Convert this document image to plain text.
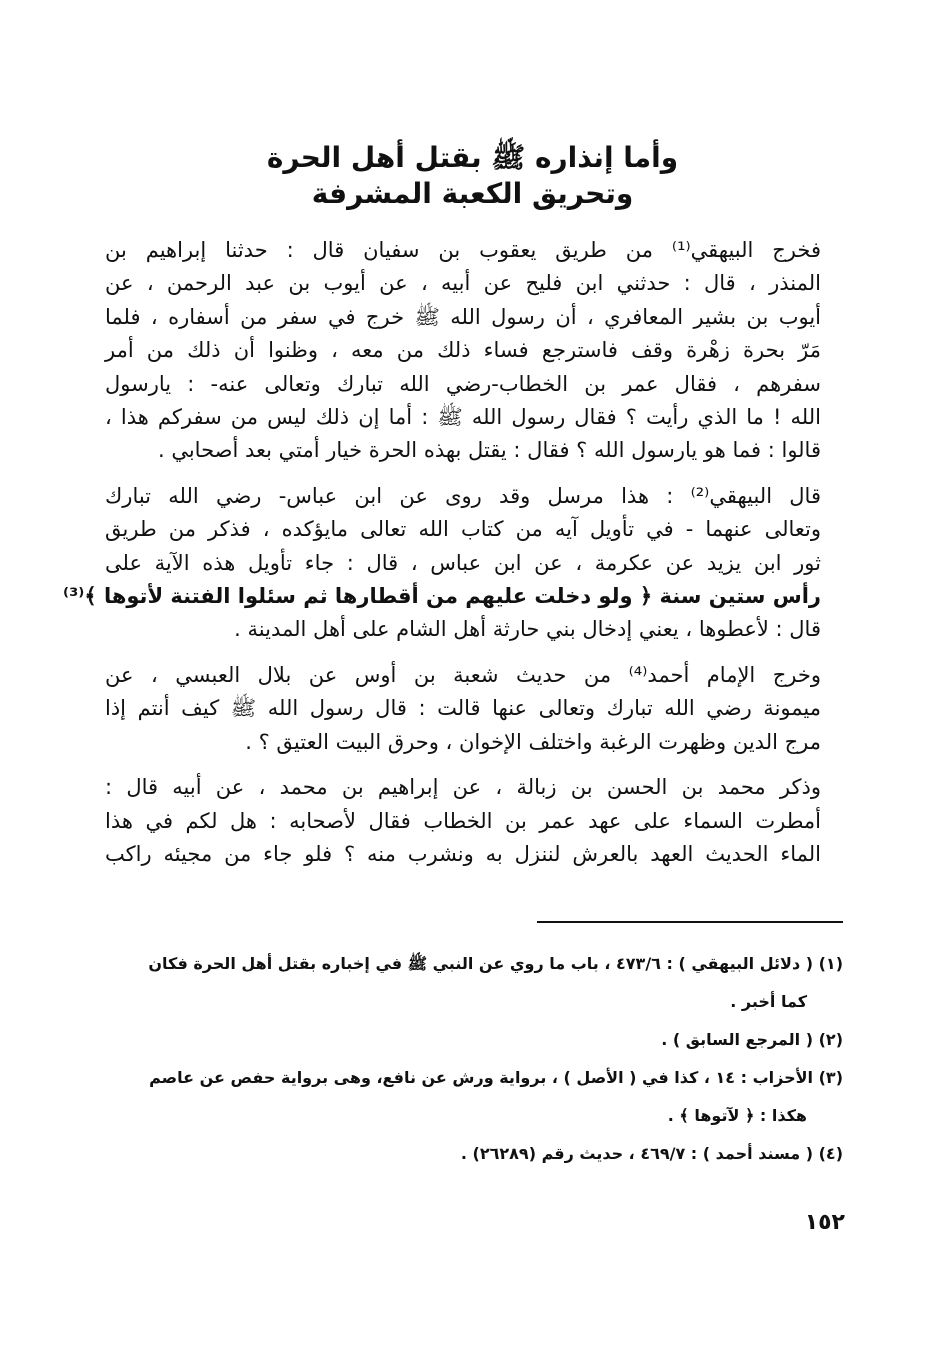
وأما إنذاره ﷺ بقتل أهل الحرة
وتحريق الكعبة المشرفة
فخرج البيهقي⁽¹⁾ من طريق يعقوب بن سفيان قال : حدثنا إبراهيم بن
المنذر ، قال : حدثني ابن فليح عن أبيه ، عن أيوب بن عبد الرحمن ، عن
أيوب بن بشير المعافري ، أن رسول الله ﷺ خرج في سفر من أسفاره ، فلما
مَرّ بحرة زهْرة وقف فاسترجع فساء ذلك من معه ، وظنوا أن ذلك من أمر
سفرهم ، فقال عمر بن الخطاب-رضي الله تبارك وتعالى عنه- : يارسول
الله ! ما الذي رأيت ؟ فقال رسول الله ﷺ : أما إن ذلك ليس من سفركم هذا ،
قالوا : فما هو يارسول الله ؟ فقال : يقتل بهذه الحرة خيار أمتي بعد أصحابي .
قال البيهقي⁽²⁾ : هذا مرسل وقد روى عن ابن عباس- رضي الله تبارك
وتعالى عنهما - في تأويل آيه من كتاب الله تعالى مايؤكده ، فذكر من طريق
ثور ابن يزيد عن عكرمة ، عن ابن عباس ، قال : جاء تأويل هذه الآية على
رأس ستين سنة ﴿ ولو دخلت عليهم من أقطارها ثم سئلوا الفتنة لأتوها ﴾⁽³⁾
قال : لأعطوها ، يعني إدخال بني حارثة أهل الشام على أهل المدينة .
وخرج الإمام أحمد⁽⁴⁾ من حديث شعبة بن أوس عن بلال العبسي ، عن
ميمونة رضي الله تبارك وتعالى عنها قالت : قال رسول الله ﷺ كيف أنتم إذا
مرج الدين وظهرت الرغبة واختلف الإخوان ، وحرق البيت العتيق ؟ .
وذكر محمد بن الحسن بن زبالة ، عن إبراهيم بن محمد ، عن أبيه قال :
أمطرت السماء على عهد عمر بن الخطاب فقال لأصحابه : هل لكم في هذا
الماء الحديث العهد بالعرش لننزل به ونشرب منه ؟ فلو جاء من مجيئه راكب
(١) ( دلائل البيهقي ) : ٤٧٣/٦ ، باب ما روي عن النبي ﷺ في إخباره بقتل أهل الحرة فكان
كما أخبر .
(٢) ( المرجع السابق ) .
(٣) الأحزاب : ١٤ ، كذا في ( الأصل ) ، برواية ورش عن نافع، وهى برواية حفص عن عاصم
هكذا : ﴿ لآتوها ﴾ .
(٤) ( مسند أحمد ) : ٤٦٩/٧ ، حديث رقم (٢٦٢٨٩) .
١٥٢
